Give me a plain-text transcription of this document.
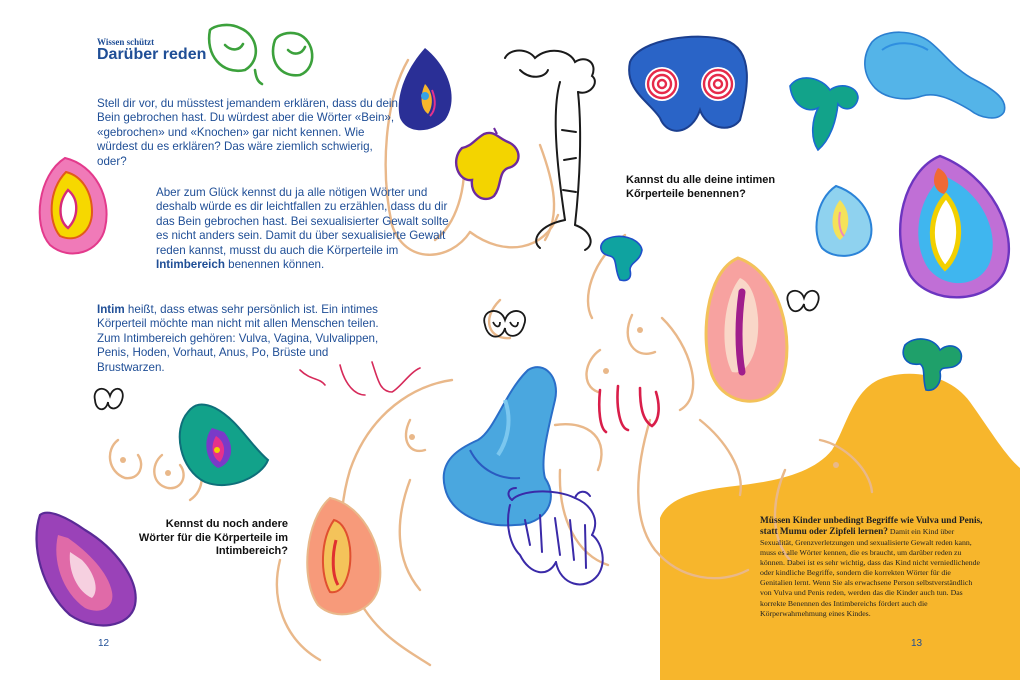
Wissen schützt

Darüber reden

Stell dir vor, du müsstest jemandem erklären, dass du dein Bein gebrochen hast. Du würdest aber die Wörter «Bein», «gebrochen» und «Knochen» gar nicht kennen. Wie würdest du es erklären? Das wäre ziemlich schwierig, oder?

Aber zum Glück kennst du ja alle nötigen Wörter und deshalb würde es dir leichtfallen zu erzählen, dass du dir das Bein gebrochen hast. Bei sexualisierter Gewalt sollte es nicht anders sein. Damit du über sexualisierte Gewalt reden kannst, musst du auch die Körperteile im Intimbereich benennen können.

Intim heißt, dass etwas sehr persönlich ist. Ein intimes Körperteil möchte man nicht mit allen Menschen teilen. Zum Intimbereich gehören: Vulva, Vagina, Vulvalippen, Penis, Hoden, Vorhaut, Anus, Po, Brüste und Brustwarzen.

Kennst du noch andere Wörter für die Körperteile im Intimbereich?

12

Kannst du alle deine intimen Kőrperteile benennen?

Müssen Kinder unbedingt Begriffe wie Vulva und Penis, statt Mumu oder Zipfeli lernen? Damit ein Kind über Sexualität, Grenzverletzungen und sexualisierte Gewalt reden kann, muss es alle Wörter kennen, die es braucht, um darüber reden zu können. Dabei ist es sehr wichtig, dass das Kind nicht verniedlichende oder kindliche Begriffe, sondern die korrekten Wörter für die Genitalien lernt. Wenn Sie als erwachsene Person selbstverständlich von Vulva und Penis reden, werden das die Kinder auch tun. Das korrekte Benennen des Intimbereichs fördert auch die Körperwahrnehmung eines Kindes.

13
